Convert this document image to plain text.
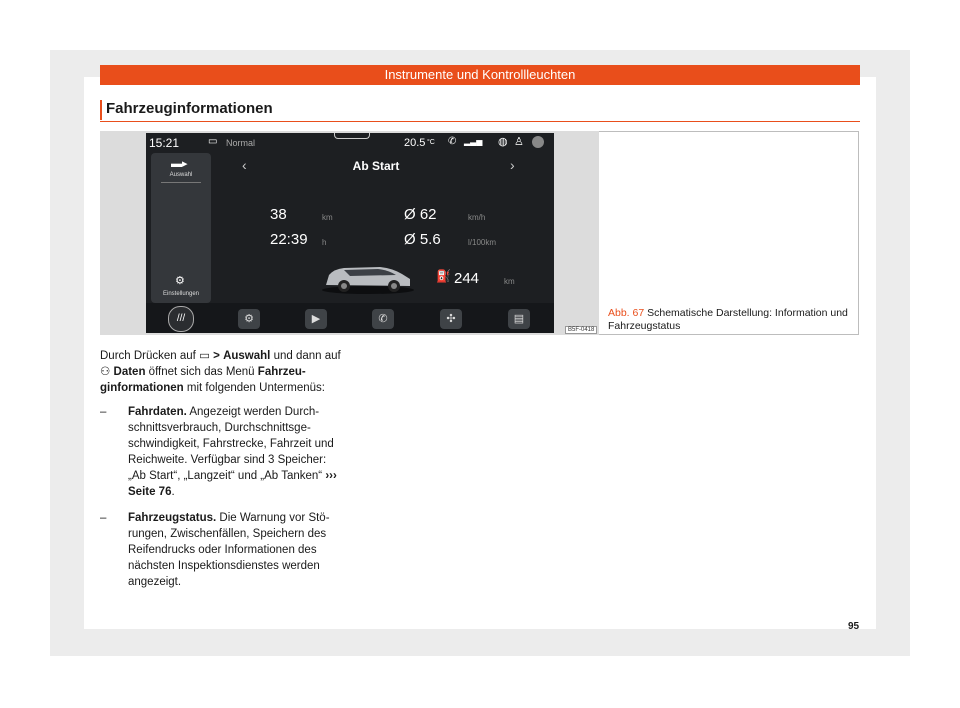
Instrumente und Kontrollleuchten
Fahrzeuginformationen
15:21	▭ Normal	20.5 °C ✆ ▂▃▅ ◍ ♙
▬▸
Auswahl
⚙
Einstellungen
‹	Ab Start	›
38	km
22:39 h
Ø 62	km/h
Ø 5.6	l/100km
⛽ 244	km
///	⚙	▶	✆	✣	▤
B5F-0418
Abb. 67 Schematische Darstellung: Information und Fahrzeugstatus

Durch Drücken auf ▭ > Auswahl und dann auf ⚇ Daten öffnet sich das Menü Fahrzeuginformationen mit folgenden Untermenüs:

– Fahrdaten. Angezeigt werden Durchschnittsverbrauch, Durchschnittsgeschwindigkeit, Fahrstrecke, Fahrzeit und Reichweite. Verfügbar sind 3 Speicher: „Ab Start“, „Langzeit“ und „Ab Tanken“ ››› Seite 76.
– Fahrzeugstatus. Die Warnung vor Störungen, Zwischenfällen, Speichern des Reifendrucks oder Informationen des nächsten Inspektionsdienstes werden angezeigt.
95
